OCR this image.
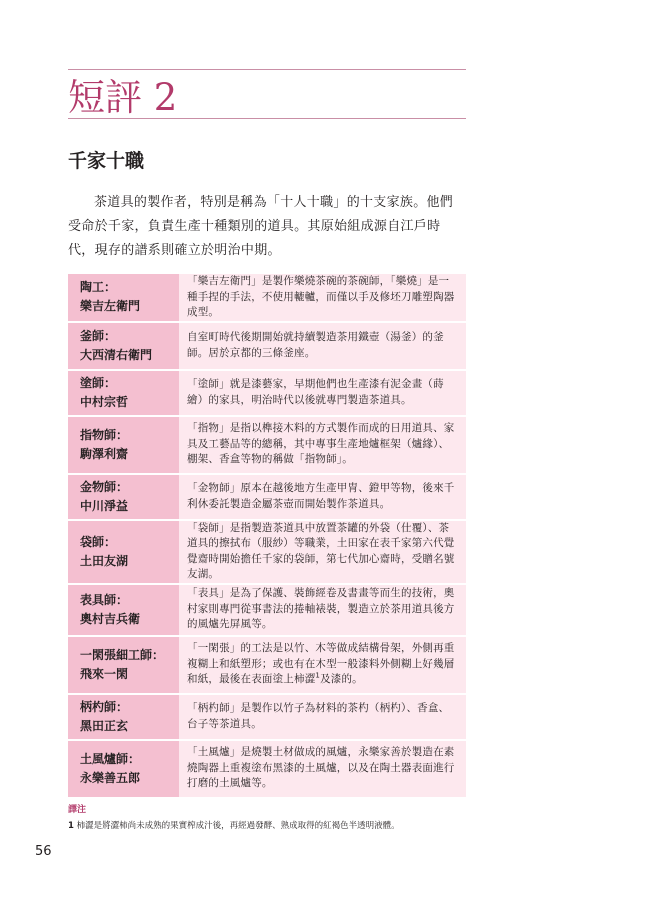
短評 2
千家十職

茶道具的製作者，特別是稱為「十人十職」的十支家族。他們受命於千家，負責生產十種類別的道具。其原始組成源自江戶時代，現存的譜系則確立於明治中期。

陶工：
樂吉左衛門	「樂吉左衛門」是製作樂燒茶碗的茶碗師，「樂燒」是一種手捏的手法，不使用轆轤，而僅以手及修坯刀雕塑陶器成型。

釜師：
大西清右衛門	自室町時代後期開始就持續製造茶用鐵壺（湯釜）的釜師。居於京都的三條釜座。

塗師：
中村宗哲	「塗師」就是漆藝家，早期他們也生產漆有泥金畫（蒔繪）的家具，明治時代以後就專門製造茶道具。

指物師：
駒澤利齋	「指物」是指以榫接木料的方式製作而成的日用道具、家具及工藝品等的總稱，其中專事生產地爐框架（爐緣）、棚架、香盒等物的稱做「指物師」。

金物師：
中川淨益	「金物師」原本在越後地方生產甲冑、鐙甲等物，後來千利休委託製造金屬茶壺而開始製作茶道具。

袋師：
土田友湖	「袋師」是指製造茶道具中放置茶罐的外袋（仕覆）、茶道具的擦拭布（服紗）等職業，土田家在表千家第六代覺覺齋時開始擔任千家的袋師，第七代加心齋時，受贈名號友湖。

表具師：
奧村吉兵衛	「表具」是為了保護、裝飾經卷及書畫等而生的技術，奧村家則專門從事書法的捲軸裱裝，製造立於茶用道具後方的風爐先屏風等。

一閑張細工師：
飛來一閑	「一閑張」的工法是以竹、木等做成結構骨架，外側再重複糊上和紙塑形；或也有在木型一般漆料外側糊上好幾層和紙，最後在表面塗上柿澀$^1$及漆的。

柄杓師：
黑田正玄	「柄杓師」是製作以竹子為材料的茶杓（柄杓）、香盒、台子等茶道具。

土風爐師：
永樂善五郎	「土風爐」是燒製土材做成的風爐，永樂家善於製造在素燒陶器上重複塗布黑漆的土風爐，以及在陶土器表面進行打磨的土風爐等。
譯注
1 柿澀是將澀柿尚未成熟的果實榨成汁後，再經過發酵、熟成取得的紅褐色半透明液體。
56
